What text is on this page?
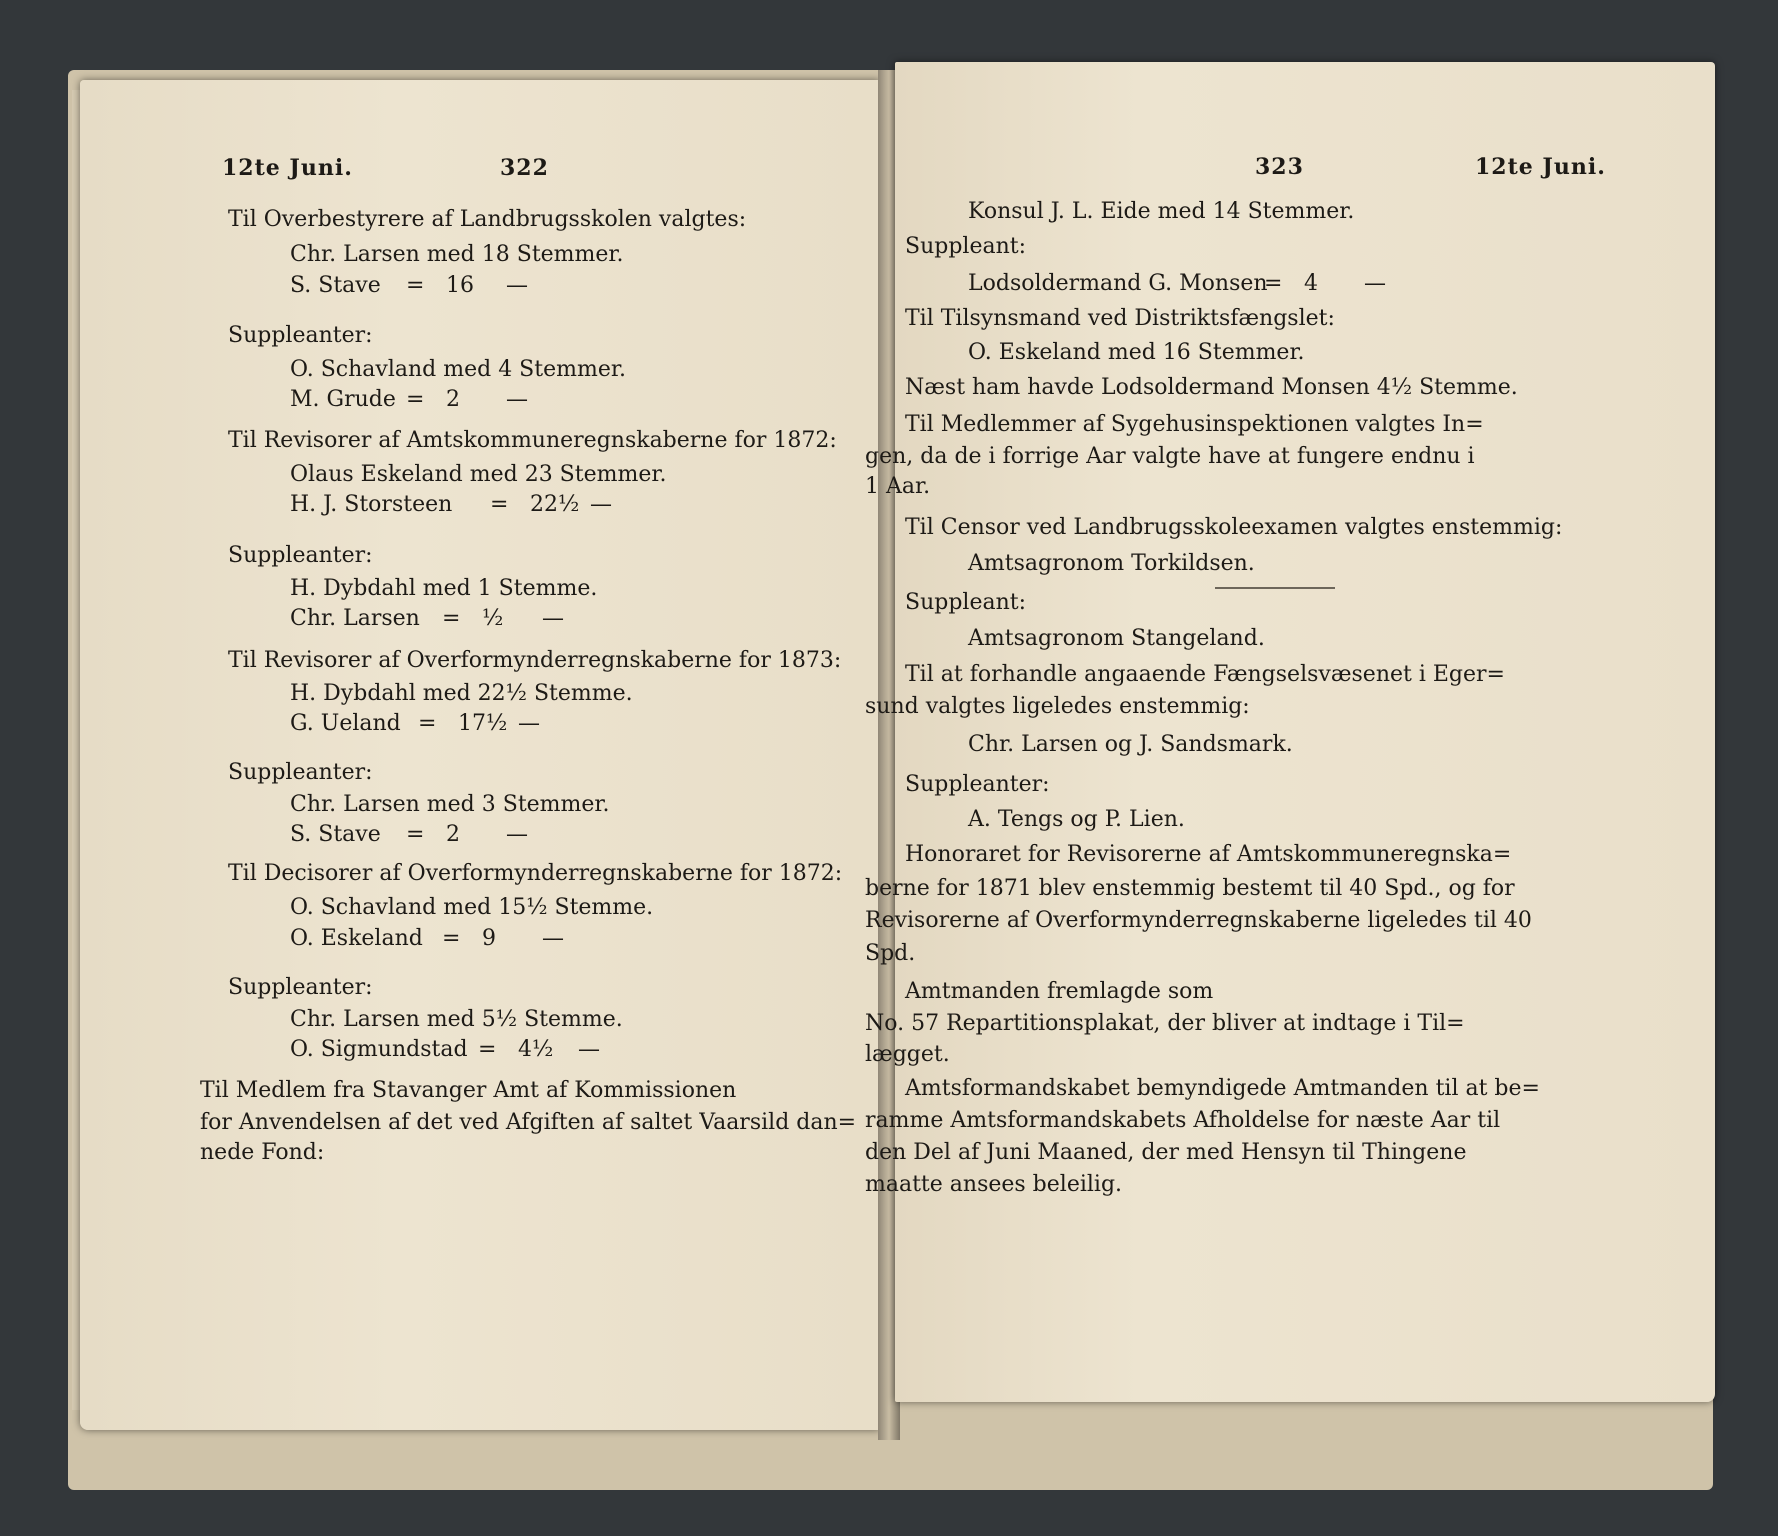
12te Juni.	322
Til Overbestyrere af Landbrugsskolen valgtes:
Chr. Larsen med 18 Stemmer.
S. Stave = 16 —
Suppleanter:
O. Schavland med 4 Stemmer.
M. Grude = 2 —
Til Revisorer af Amtskommuneregnskaberne for 1872:
Olaus Eskeland med 23 Stemmer.
H. J. Storsteen = 22½ —
Suppleanter:
H. Dybdahl med 1 Stemme.
Chr. Larsen = ½ —
Til Revisorer af Overformynderregnskaberne for 1873:
H. Dybdahl med 22½ Stemme.
G. Ueland = 17½ —
Suppleanter:
Chr. Larsen med 3 Stemmer.
S. Stave = 2 —
Til Decisorer af Overformynderregnskaberne for 1872:
O. Schavland med 15½ Stemme.
O. Eskeland = 9 —
Suppleanter:
Chr. Larsen med 5½ Stemme.
O. Sigmundstad = 4½ —
Til Medlem fra Stavanger Amt af Kommissionen
for Anvendelsen af det ved Afgiften af saltet Vaarsild dan=
nede Fond:
323	12te Juni.
Konsul J. L. Eide med 14 Stemmer.
Suppleant:
Lodsoldermand G. Monsen
= 4 —
Til Tilsynsmand ved Distriktsfængslet:
O. Eskeland med 16 Stemmer.
Næst ham havde Lodsoldermand Monsen 4½ Stemme.
Til Medlemmer af Sygehusinspektionen valgtes In=
gen, da de i forrige Aar valgte have at fungere endnu i
1 Aar.
Til Censor ved Landbrugsskoleexamen valgtes enstemmig:
Amtsagronom Torkildsen.
Suppleant:
Amtsagronom Stangeland.
Til at forhandle angaaende Fængselsvæsenet i Eger=
sund valgtes ligeledes enstemmig:
Chr. Larsen og J. Sandsmark.
Suppleanter:
A. Tengs og P. Lien.
Honoraret for Revisorerne af Amtskommuneregnska=
berne for 1871 blev enstemmig bestemt til 40 Spd., og for
Revisorerne af Overformynderregnskaberne ligeledes til 40
Spd.
Amtmanden fremlagde som
No. 57 Repartitionsplakat, der bliver at indtage i Til=
lægget.
Amtsformandskabet bemyndigede Amtmanden til at be=
ramme Amtsformandskabets Afholdelse for næste Aar til
den Del af Juni Maaned, der med Hensyn til Thingene
maatte ansees beleilig.
